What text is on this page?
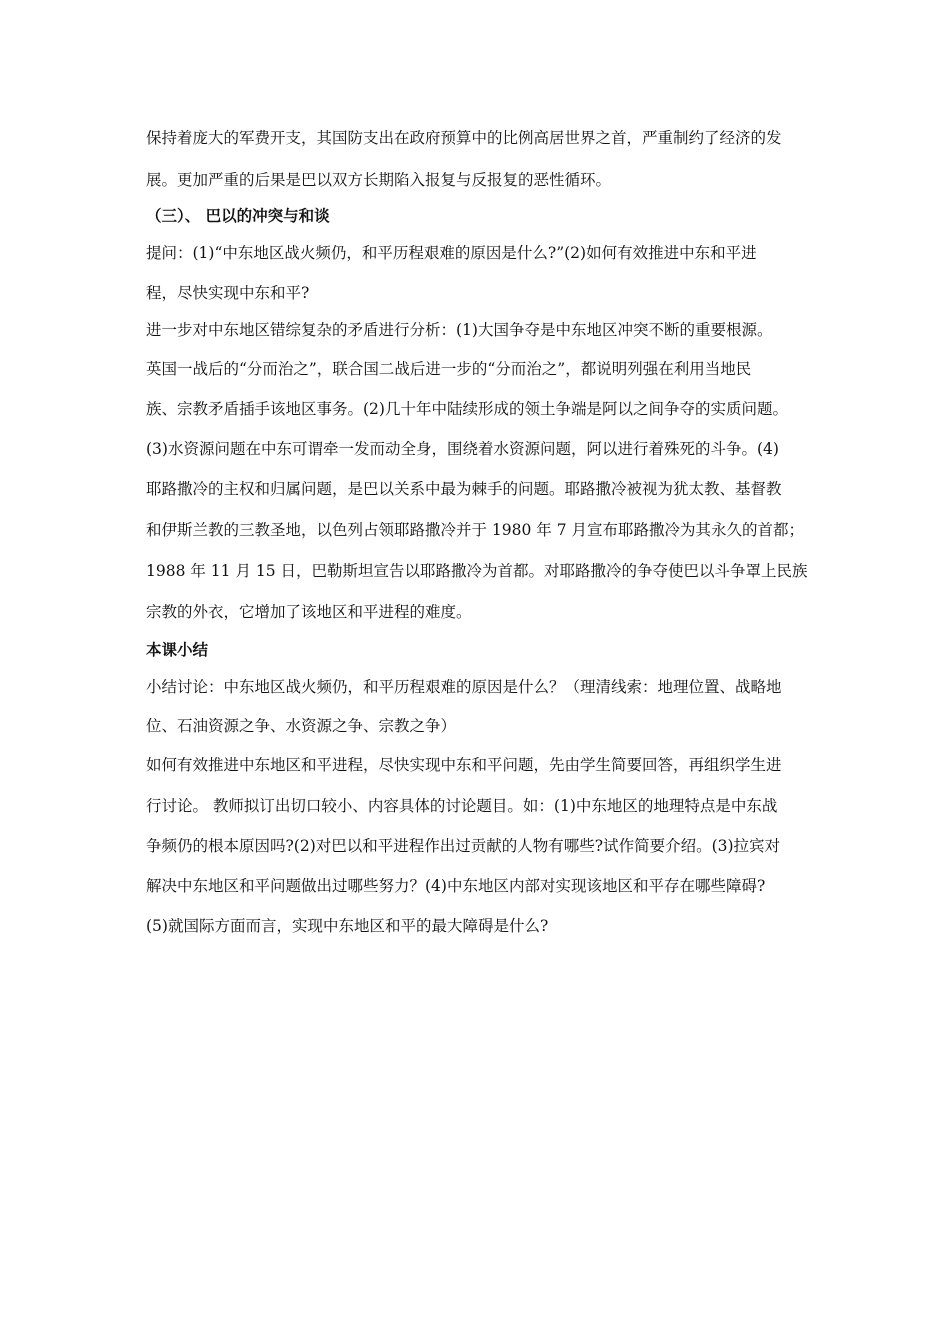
保持着庞大的军费开支，其国防支出在政府预算中的比例高居世界之首，严重制约了经济的发
展。更加严重的后果是巴以双方长期陷入报复与反报复的恶性循环。
（三）、 巴以的冲突与和谈
提问：(1)“中东地区战火频仍，和平历程艰难的原因是什么?”(2)如何有效推进中东和平进
程，尽快实现中东和平?
进一步对中东地区错综复杂的矛盾进行分析：(1)大国争夺是中东地区冲突不断的重要根源。
英国一战后的“分而治之”，联合国二战后进一步的“分而治之”，都说明列强在利用当地民
族、宗教矛盾插手该地区事务。(2)几十年中陆续形成的领土争端是阿以之间争夺的实质问题。
(3)水资源问题在中东可谓牵一发而动全身，围绕着水资源问题，阿以进行着殊死的斗争。(4)
耶路撒冷的主权和归属问题，是巴以关系中最为棘手的问题。耶路撒冷被视为犹太教、基督教
和伊斯兰教的三教圣地，以色列占领耶路撒冷并于 1980 年 7 月宣布耶路撒冷为其永久的首都；
1988 年 11 月 15 日，巴勒斯坦宣告以耶路撒冷为首都。对耶路撒冷的争夺使巴以斗争罩上民族
宗教的外衣，它增加了该地区和平进程的难度。
本课小结
小结讨论：中东地区战火频仍，和平历程艰难的原因是什么？（理清线索：地理位置、战略地
位、石油资源之争、水资源之争、宗教之争）
如何有效推进中东地区和平进程，尽快实现中东和平问题，先由学生简要回答，再组织学生进
行讨论。 教师拟订出切口较小、内容具体的讨论题目。如：(1)中东地区的地理特点是中东战
争频仍的根本原因吗?(2)对巴以和平进程作出过贡献的人物有哪些?试作简要介绍。(3)拉宾对
解决中东地区和平问题做出过哪些努力？(4)中东地区内部对实现该地区和平存在哪些障碍?
(5)就国际方面而言，实现中东地区和平的最大障碍是什么?
